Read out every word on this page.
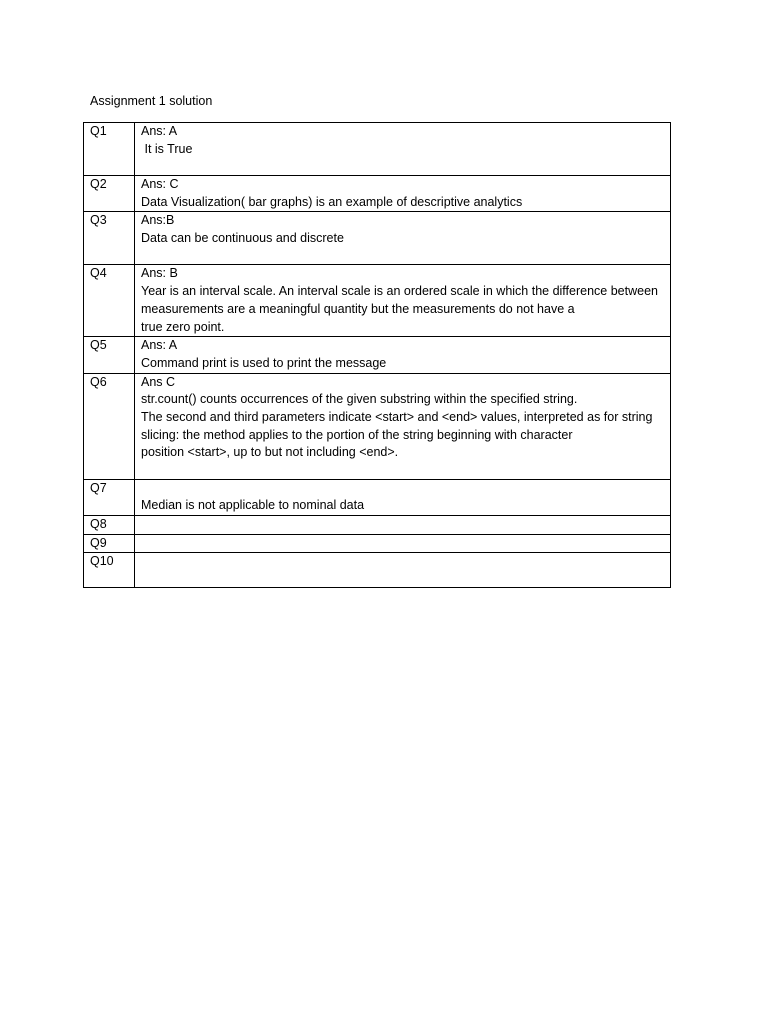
Assignment 1 solution
Q1	Ans: A
It is True

Q2	Ans: C
Data Visualization( bar graphs) is an example of descriptive analytics

Q3	Ans:B
Data can be continuous and discrete

Q4	Ans: B
Year is an interval scale. An interval scale is an ordered scale in which the difference between
measurements are a meaningful quantity but the measurements do not have a
true zero point.

Q5	Ans: A
Command print is used to print the message

Q6	Ans C
str.count() counts occurrences of the given substring within the specified string.
The second and third parameters indicate <start> and <end> values, interpreted as for string
slicing: the method applies to the portion of the string beginning with character
position <start>, up to but not including <end>.

Q7	Median is not applicable to nominal data

Q8	
Q9	
Q10	
